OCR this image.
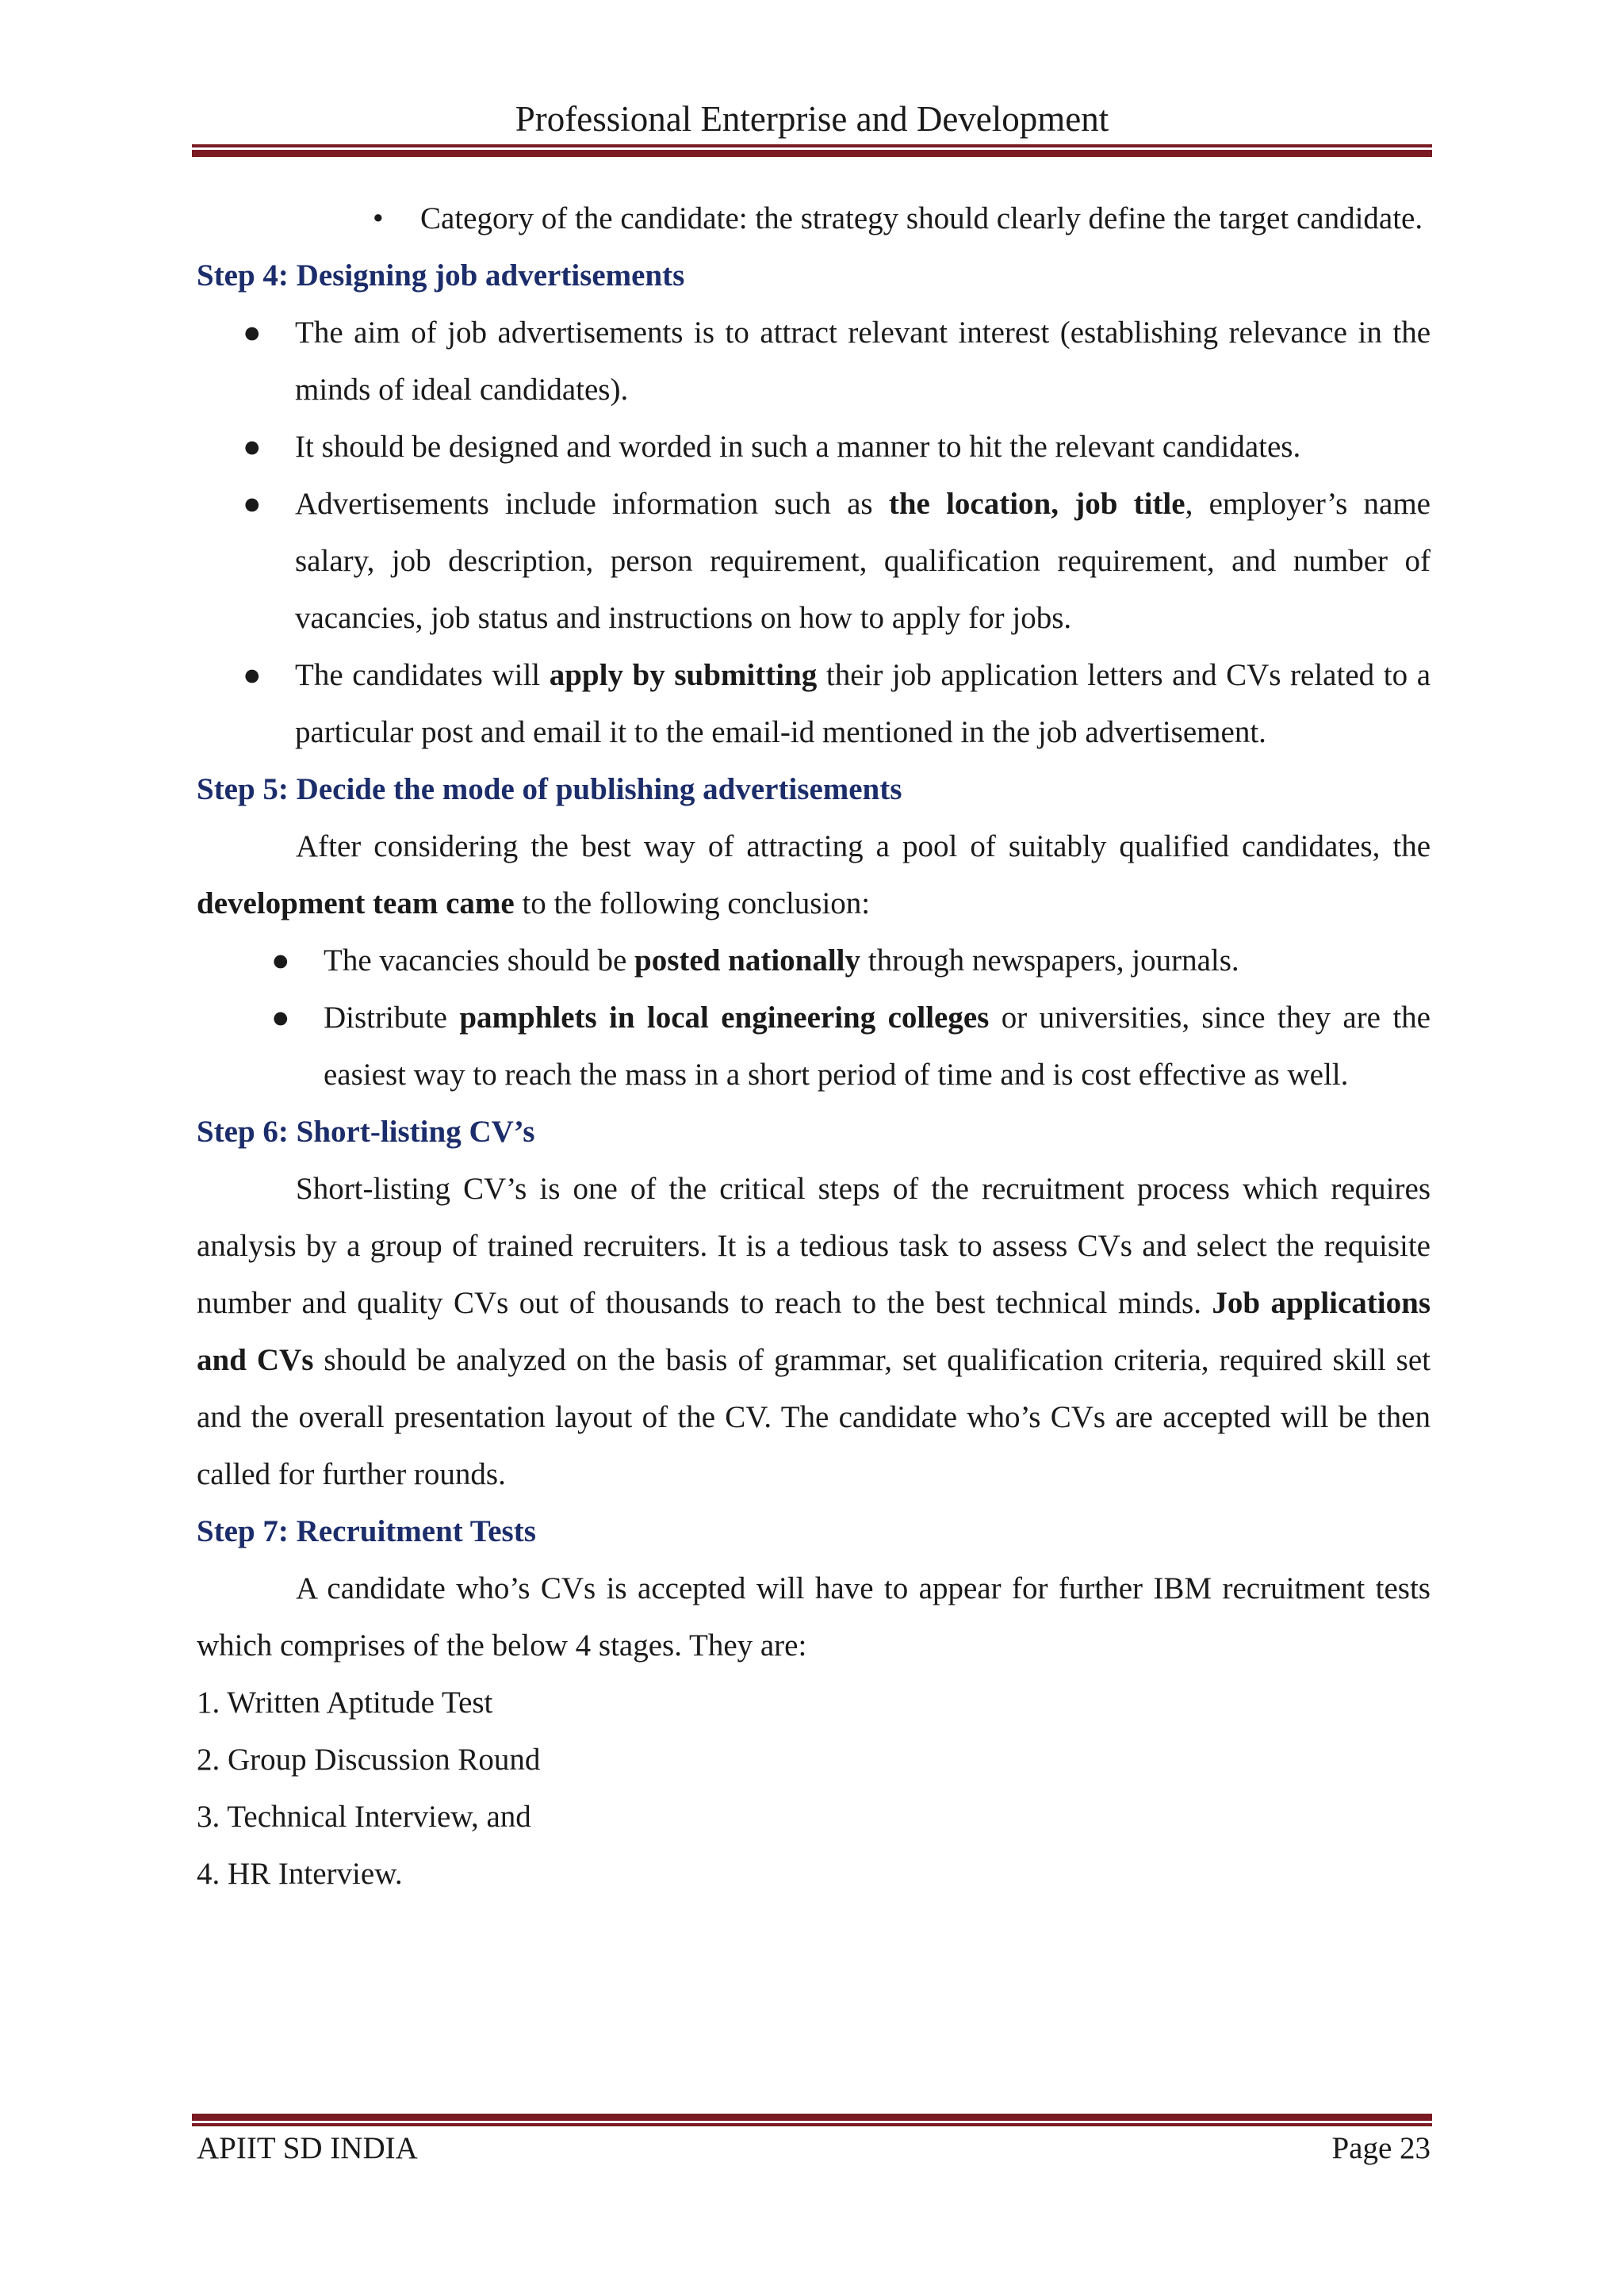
Professional Enterprise and Development

• Category of the candidate: the strategy should clearly define the target candidate.

Step 4: Designing job advertisements

● The aim of job advertisements is to attract relevant interest (establishing relevance in the minds of ideal candidates).

● It should be designed and worded in such a manner to hit the relevant candidates.

● Advertisements include information such as the location, job title, employer’s name salary, job description, person requirement, qualification requirement, and number of vacancies, job status and instructions on how to apply for jobs.

● The candidates will apply by submitting their job application letters and CVs related to a particular post and email it to the email-id mentioned in the job advertisement.

Step 5: Decide the mode of publishing advertisements

After considering the best way of attracting a pool of suitably qualified candidates, the development team came to the following conclusion:

● The vacancies should be posted nationally through newspapers, journals.

● Distribute pamphlets in local engineering colleges or universities, since they are the easiest way to reach the mass in a short period of time and is cost effective as well.

Step 6: Short-listing CV’s

Short-listing CV’s is one of the critical steps of the recruitment process which requires analysis by a group of trained recruiters. It is a tedious task to assess CVs and select the requisite number and quality CVs out of thousands to reach to the best technical minds. Job applications and CVs should be analyzed on the basis of grammar, set qualification criteria, required skill set and the overall presentation layout of the CV. The candidate who’s CVs are accepted will be then called for further rounds.

Step 7: Recruitment Tests

A candidate who’s CVs is accepted will have to appear for further IBM recruitment tests which comprises of the below 4 stages. They are:

1. Written Aptitude Test

2. Group Discussion Round

3. Technical Interview, and

4. HR Interview.

APIIT SD INDIA	Page 23
